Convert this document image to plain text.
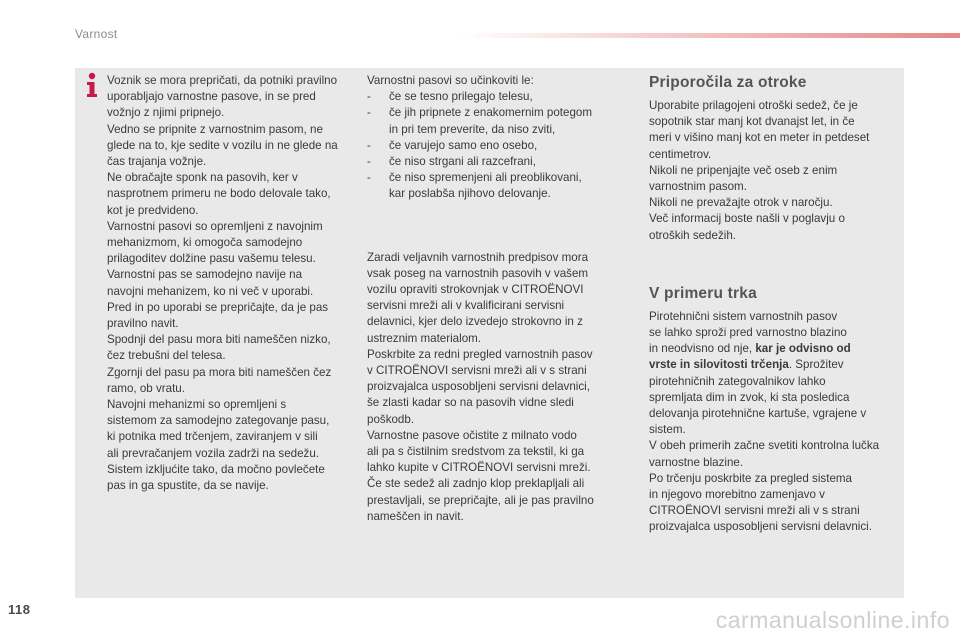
Varnost

Voznik se mora prepričati, da potniki pravilno

uporabljajo varnostne pasove, in se pred

vožnjo z njimi pripnejo.

Vedno se pripnite z varnostnim pasom, ne

glede na to, kje sedite v vozilu in ne glede na

čas trajanja vožnje.

Ne obračajte sponk na pasovih, ker v

nasprotnem primeru ne bodo delovale tako,

kot je predvideno.

Varnostni pasovi so opremljeni z navojnim

mehanizmom, ki omogoča samodejno

prilagoditev dolžine pasu vašemu telesu.

Varnostni pas se samodejno navije na

navojni mehanizem, ko ni več v uporabi.

Pred in po uporabi se prepričajte, da je pas

pravilno navit.

Spodnji del pasu mora biti nameščen nizko,

čez trebušni del telesa.

Zgornji del pasu pa mora biti nameščen čez

ramo, ob vratu.

Navojni mehanizmi so opremljeni s

sistemom za samodejno zategovanje pasu,

ki potnika med trčenjem, zaviranjem v sili

ali prevračanjem vozila zadrži na sedežu.

Sistem izkljućite tako, da močno povlečete

pas in ga spustite, da se navije.

Varnostni pasovi so učinkoviti le:

- če se tesno prilegajo telesu,
- če jih pripnete z enakomernim potegom
in pri tem preverite, da niso zviti,
- če varujejo samo eno osebo,
- če niso strgani ali razcefrani,
- če niso spremenjeni ali preoblikovani,
kar poslabša njihovo delovanje.

Zaradi veljavnih varnostnih predpisov mora

vsak poseg na varnostnih pasovih v vašem

vozilu opraviti strokovnjak v CITROËNOVI

servisni mreži ali v kvalificirani servisni

delavnici, kjer delo izvedejo strokovno in z

ustreznim materialom.

Poskrbite za redni pregled varnostnih pasov

v CITROËNOVI servisni mreži ali v s strani

proizvajalca usposobljeni servisni delavnici,

še zlasti kadar so na pasovih vidne sledi

poškodb.

Varnostne pasove očistite z milnato vodo

ali pa s čistilnim sredstvom za tekstil, ki ga

lahko kupite v CITROËNOVI servisni mreži.

Če ste sedež ali zadnjo klop preklapljali ali

prestavljali, se prepričajte, ali je pas pravilno

nameščen in navit.

Priporočila za otroke

Uporabite prilagojeni otroški sedež, če je

sopotnik star manj kot dvanajst let, in če

meri v višino manj kot en meter in petdeset

centimetrov.

Nikoli ne pripenjajte več oseb z enim

varnostnim pasom.

Nikoli ne prevažajte otrok v naročju.

Več informacij boste našli v poglavju o

otroških sedežih.

V primeru trka

Pirotehnični sistem varnostnih pasov

se lahko sproži pred varnostno blazino

in neodvisno od nje, kar je odvisno od

vrste in silovitosti trčenja. Sprožitev

pirotehničnih zategovalnikov lahko

spremljata dim in zvok, ki sta posledica

delovanja pirotehnične kartuše, vgrajene v

sistem.

V obeh primerih začne svetiti kontrolna lučka

varnostne blazine.

Po trčenju poskrbite za pregled sistema

in njegovo morebitno zamenjavo v

CITROËNOVI servisni mreži ali v s strani

proizvajalca usposobljeni servisni delavnici.

118	carmanualsonline.info
